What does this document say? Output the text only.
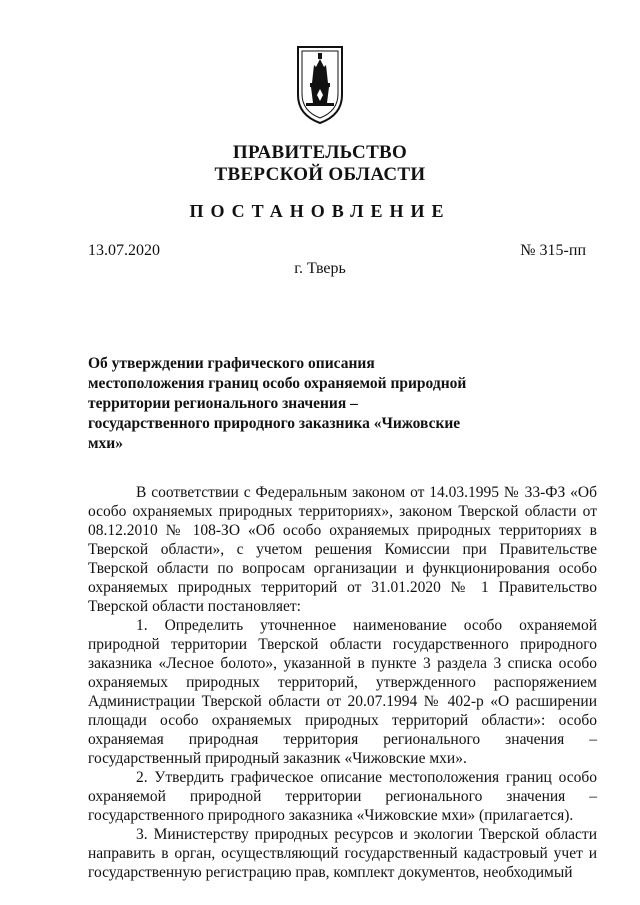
ПРАВИТЕЛЬСТВО
ТВЕРСКОЙ ОБЛАСТИ
ПОСТАНОВЛЕНИЕ
13.07.2020	№ 315-пп
г. Тверь
Об утверждении графического описания местоположения границ особо охраняемой природной территории регионального значения – государственного природного заказника «Чижовские мхи»

В соответствии с Федеральным законом от 14.03.1995 № 33-ФЗ «Об особо охраняемых природных территориях», законом Тверской области от 08.12.2010 № 108-ЗО «Об особо охраняемых природных территориях в Тверской области», с учетом решения Комиссии при Правительстве Тверской области по вопросам организации и функционирования особо охраняемых природных территорий от 31.01.2020 № 1 Правительство Тверской области постановляет:

1. Определить уточненное наименование особо охраняемой природной территории Тверской области государственного природного заказника «Лесное болото», указанной в пункте 3 раздела 3 списка особо охраняемых природных территорий, утвержденного распоряжением Администрации Тверской области от 20.07.1994 № 402-р «О расширении площади особо охраняемых природных территорий области»: особо охраняемая природная территория регионального значения – государственный природный заказник «Чижовские мхи».

2. Утвердить графическое описание местоположения границ особо охраняемой природной территории регионального значения – государственного природного заказника «Чижовские мхи» (прилагается).

3. Министерству природных ресурсов и экологии Тверской области направить в орган, осуществляющий государственный кадастровый учет и государственную регистрацию прав, комплект документов, необходимый
